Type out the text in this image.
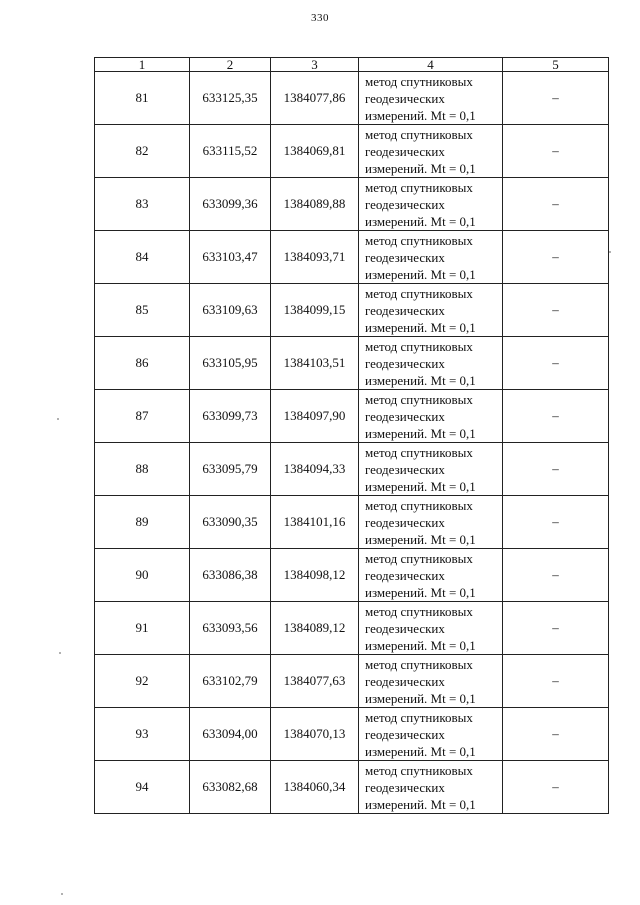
330
1	2	3	4	5
81	633125,35	1384077,86	метод спутниковых
геодезических
измерений. Mt = 0,1	–
82	633115,52	1384069,81	метод спутниковых
геодезических
измерений. Mt = 0,1	–
83	633099,36	1384089,88	метод спутниковых
геодезических
измерений. Mt = 0,1	–
84	633103,47	1384093,71	метод спутниковых
геодезических
измерений. Mt = 0,1	–
85	633109,63	1384099,15	метод спутниковых
геодезических
измерений. Mt = 0,1	–
86	633105,95	1384103,51	метод спутниковых
геодезических
измерений. Mt = 0,1	–
87	633099,73	1384097,90	метод спутниковых
геодезических
измерений. Mt = 0,1	–
88	633095,79	1384094,33	метод спутниковых
геодезических
измерений. Mt = 0,1	–
89	633090,35	1384101,16	метод спутниковых
геодезических
измерений. Mt = 0,1	–
90	633086,38	1384098,12	метод спутниковых
геодезических
измерений. Mt = 0,1	–
91	633093,56	1384089,12	метод спутниковых
геодезических
измерений. Mt = 0,1	–
92	633102,79	1384077,63	метод спутниковых
геодезических
измерений. Mt = 0,1	–
93	633094,00	1384070,13	метод спутниковых
геодезических
измерений. Mt = 0,1	–
94	633082,68	1384060,34	метод спутниковых
геодезических
измерений. Mt = 0,1	–
